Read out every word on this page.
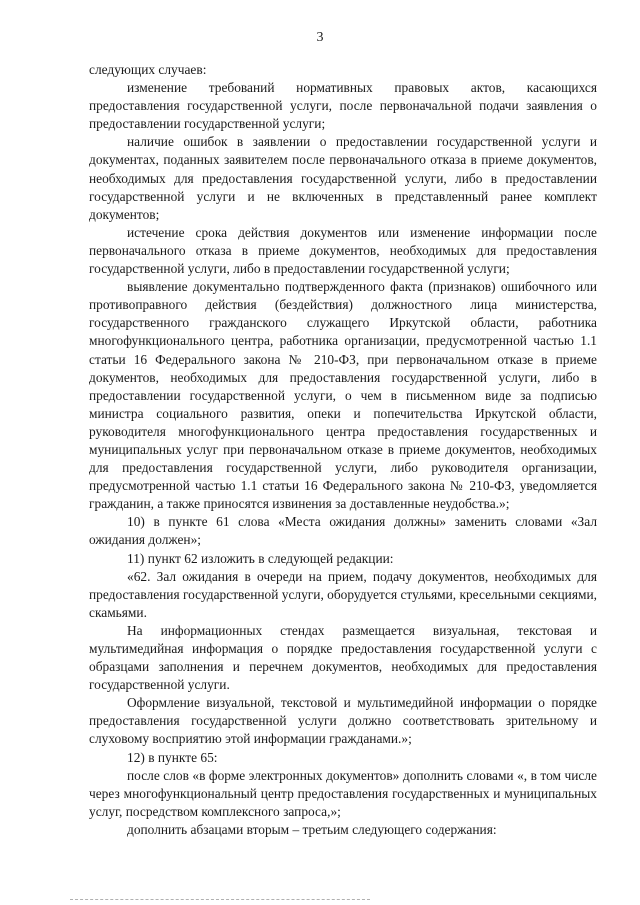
3

следующих случаев:

изменение требований нормативных правовых актов, касающихся предоставления государственной услуги, после первоначальной подачи заявления о предоставлении государственной услуги;

наличие ошибок в заявлении о предоставлении государственной услуги и документах, поданных заявителем после первоначального отказа в приеме документов, необходимых для предоставления государственной услуги, либо в предоставлении государственной услуги и не включенных в представленный ранее комплект документов;

истечение срока действия документов или изменение информации после первоначального отказа в приеме документов, необходимых для предоставления государственной услуги, либо в предоставлении государственной услуги;

выявление документально подтвержденного факта (признаков) ошибочного или противоправного действия (бездействия) должностного лица министерства, государственного гражданского служащего Иркутской области, работника многофункционального центра, работника организации, предусмотренной частью 1.1 статьи 16 Федерального закона № 210-ФЗ, при первоначальном отказе в приеме документов, необходимых для предоставления государственной услуги, либо в предоставлении государственной услуги, о чем в письменном виде за подписью министра социального развития, опеки и попечительства Иркутской области, руководителя многофункционального центра предоставления государственных и муниципальных услуг при первоначальном отказе в приеме документов, необходимых для предоставления государственной услуги, либо руководителя организации, предусмотренной частью 1.1 статьи 16 Федерального закона № 210-ФЗ, уведомляется гражданин, а также приносятся извинения за доставленные неудобства.»;

10) в пункте 61 слова «Места ожидания должны» заменить словами «Зал ожидания должен»;

11) пункт 62 изложить в следующей редакции:

«62. Зал ожидания в очереди на прием, подачу документов, необходимых для предоставления государственной услуги, оборудуется стульями, кресельными секциями, скамьями.

На информационных стендах размещается визуальная, текстовая и мультимедийная информация о порядке предоставления государственной услуги с образцами заполнения и перечнем документов, необходимых для предоставления государственной услуги.

Оформление визуальной, текстовой и мультимедийной информации о порядке предоставления государственной услуги должно соответствовать зрительному и слуховому восприятию этой информации гражданами.»;

12) в пункте 65:

после слов «в форме электронных документов» дополнить словами «, в том числе через многофункциональный центр предоставления государственных и муниципальных услуг, посредством комплексного запроса,»;

дополнить абзацами вторым – третьим следующего содержания:
